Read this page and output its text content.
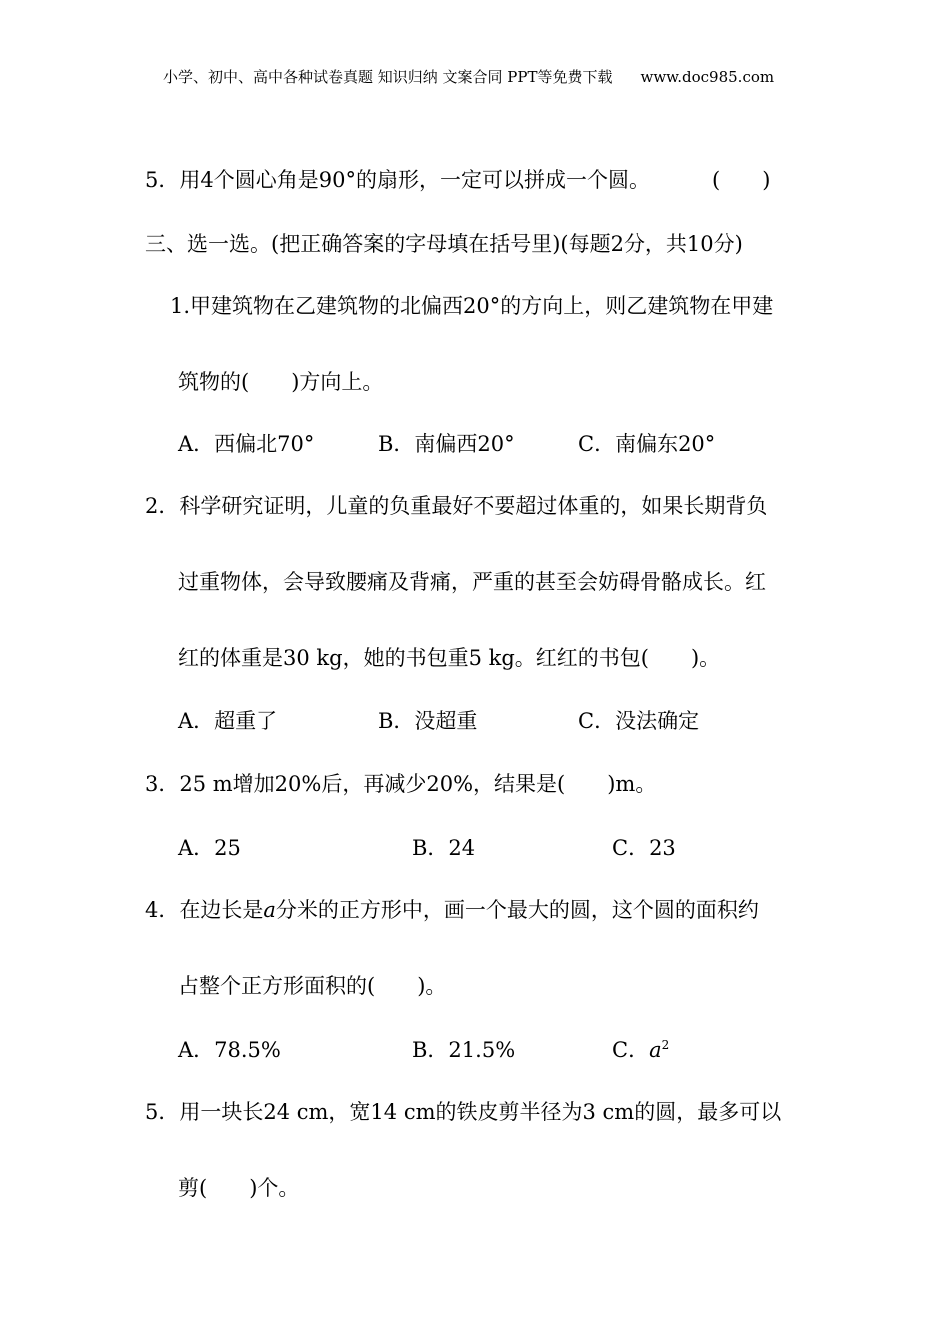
小学、初中、高中各种试卷真题 知识归纳 文案合同 PPT等免费下载 www.doc985.com
5．用4个圆心角是90°的扇形，一定可以拼成一个圆。	(　　)
三、选一选。(把正确答案的字母填在括号里)(每题2分，共10分)
1.甲建筑物在乙建筑物的北偏西20°的方向上，则乙建筑物在甲建
筑物的(　　)方向上。
A．西偏北70°	B．南偏西20°	C．南偏东20°
2．科学研究证明，儿童的负重最好不要超过体重的，如果长期背负
过重物体，会导致腰痛及背痛，严重的甚至会妨碍骨骼成长。红
红的体重是30 kg，她的书包重5 kg。红红的书包(　　)。
A．超重了	B．没超重	C．没法确定
3．25 m增加20%后，再减少20%，结果是(　　)m。
A．25	B．24	C．23
4．在边长是a分米的正方形中，画一个最大的圆，这个圆的面积约
占整个正方形面积的(　　)。
A．78.5%	B．21.5%	C．$a^2$
5．用一块长24 cm，宽14 cm的铁皮剪半径为3 cm的圆，最多可以
剪(　　)个。
